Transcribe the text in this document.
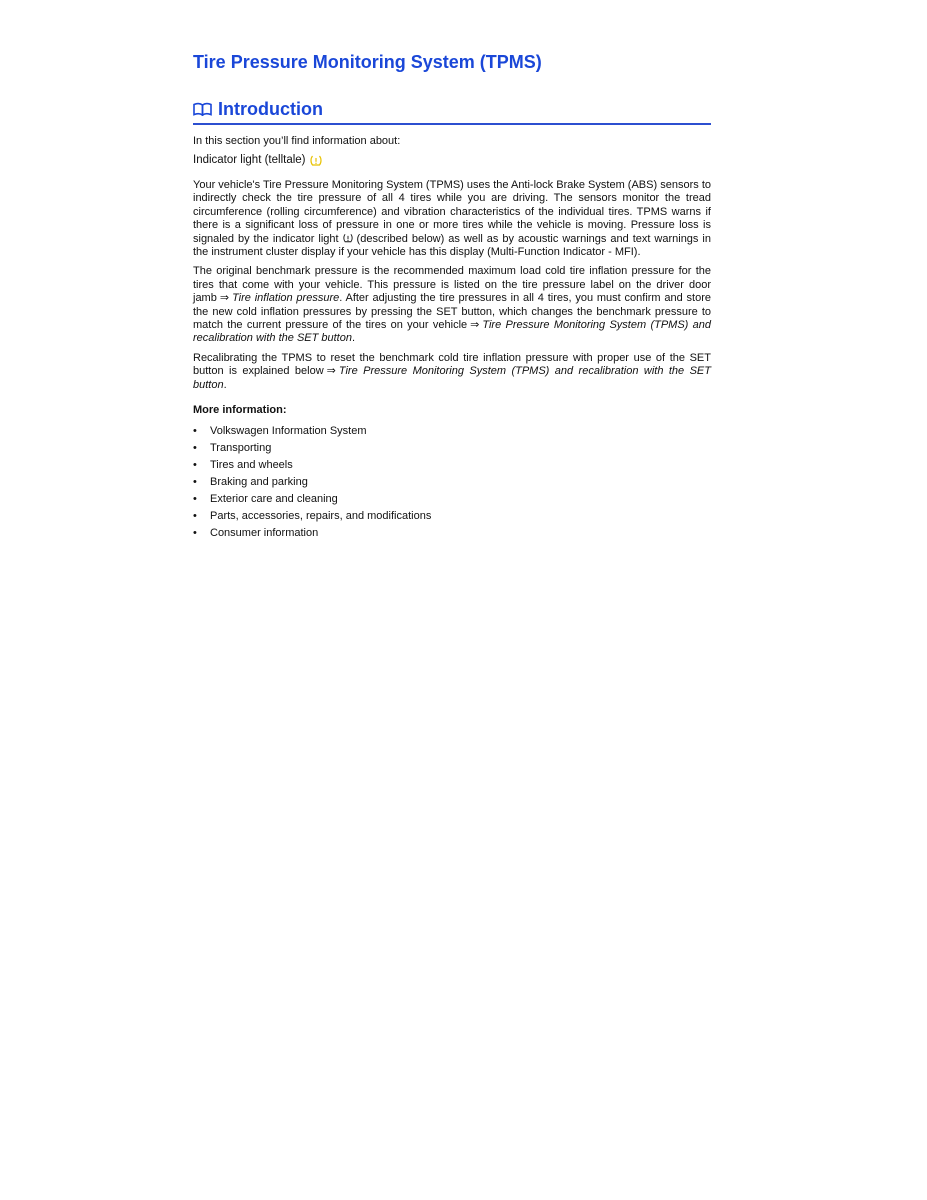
Tire Pressure Monitoring System (TPMS)
Introduction
In this section you’ll find information about:
Indicator light (telltale)

Your vehicle's Tire Pressure Monitoring System (TPMS) uses the Anti-lock Brake System (ABS) sensors to indirectly check the tire pressure of all 4 tires while you are driving. The sensors monitor the tread circumference (rolling circumference) and vibration characteristics of the individual tires. TPMS warns if there is a significant loss of pressure in one or more tires while the vehicle is moving. Pressure loss is signaled by the indicator light (described below) as well as by acoustic warnings and text warnings in the instrument cluster display if your vehicle has this display (Multi-Function Indicator - MFI).

The original benchmark pressure is the recommended maximum load cold tire inflation pressure for the tires that come with your vehicle. This pressure is listed on the tire pressure label on the driver door jamb ⇒ Tire inflation pressure. After adjusting the tire pressures in all 4 tires, you must confirm and store the new cold inflation pressures by pressing the SET button, which changes the benchmark pressure to match the current pressure of the tires on your vehicle ⇒ Tire Pressure Monitoring System (TPMS) and recalibration with the SET button.

Recalibrating the TPMS to reset the benchmark cold tire inflation pressure with proper use of the SET button is explained below ⇒ Tire Pressure Monitoring System (TPMS) and recalibration with the SET button.

More information:
•	Volkswagen Information System
•	Transporting
•	Tires and wheels
•	Braking and parking
•	Exterior care and cleaning
•	Parts, accessories, repairs, and modifications
•	Consumer information
